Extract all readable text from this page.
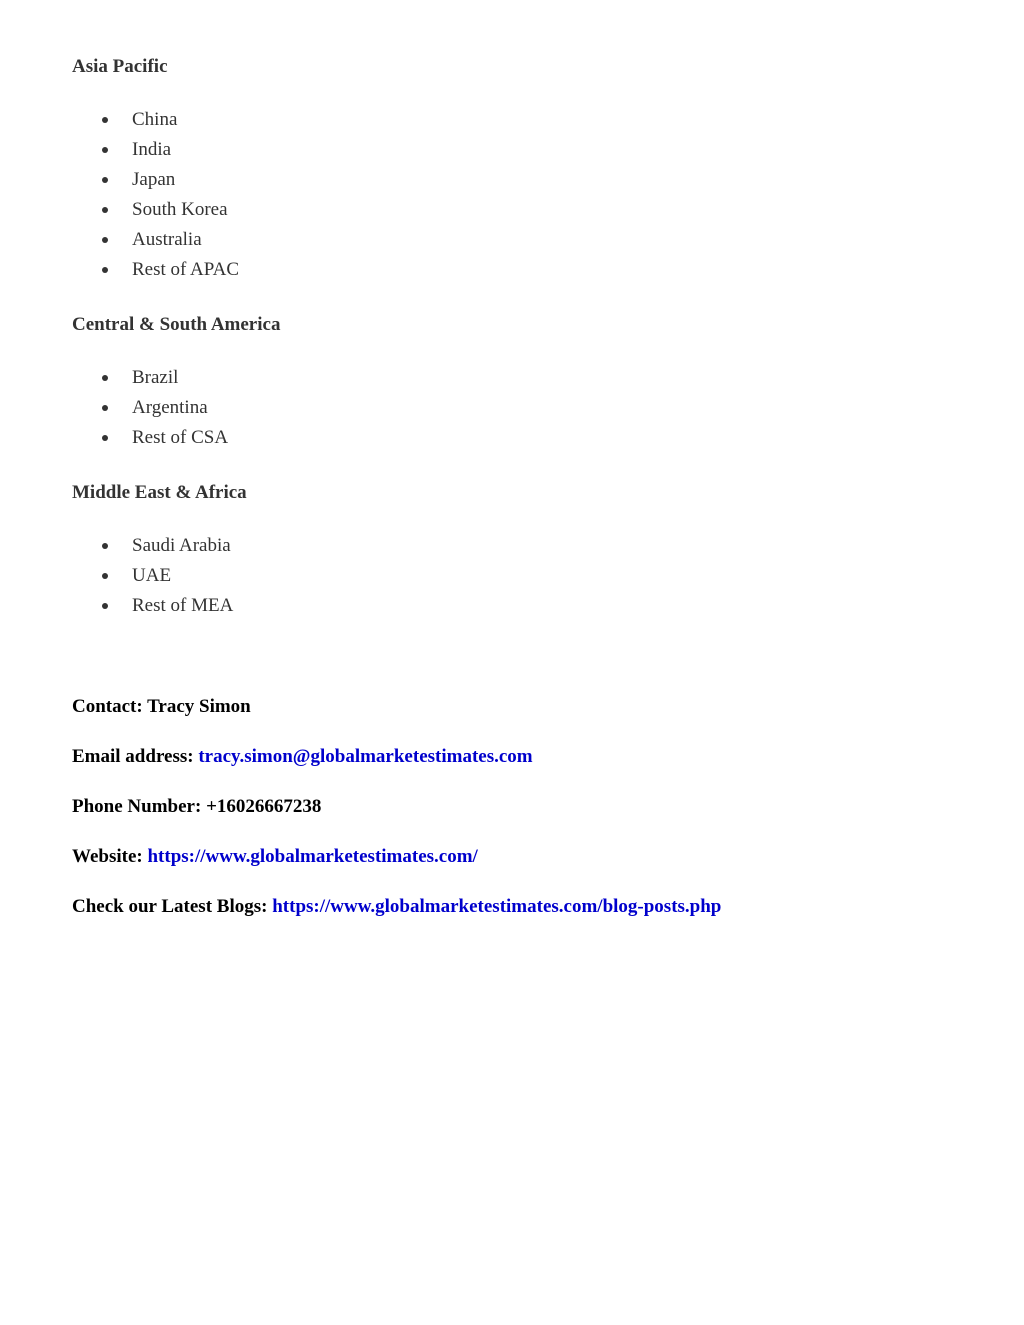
Asia Pacific
China
India
Japan
South Korea
Australia
Rest of APAC
Central & South America
Brazil
Argentina
Rest of CSA
Middle East & Africa
Saudi Arabia
UAE
Rest of MEA

Contact: Tracy Simon

Email address: tracy.simon@globalmarketestimates.com

Phone Number: +16026667238

Website: https://www.globalmarketestimates.com/

Check our Latest Blogs: https://www.globalmarketestimates.com/blog-posts.php
